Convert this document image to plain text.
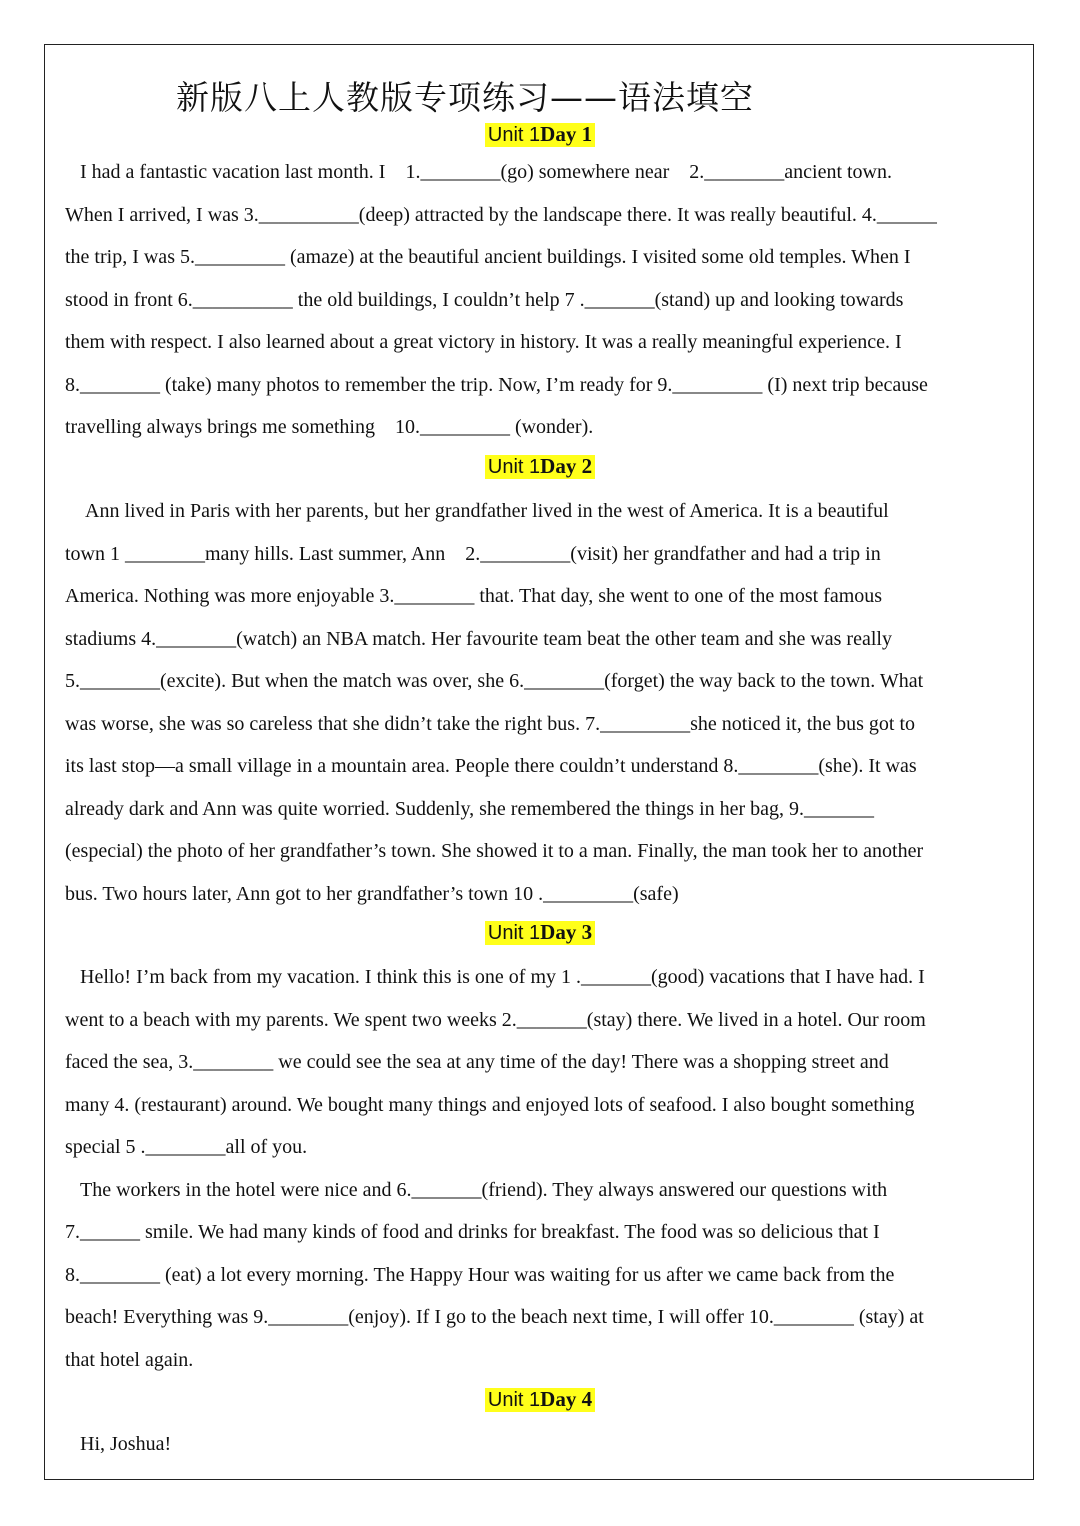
新版八上人教版专项练习——语法填空
Unit 1Day 1

I had a fantastic vacation last month. I    1.________(go) somewhere near    2.________ancient town.

When I arrived, I was 3.__________(deep) attracted by the landscape there. It was really beautiful. 4.______

the trip, I was 5._________ (amaze) at the beautiful ancient buildings. I visited some old temples. When I

stood in front 6.__________ the old buildings, I couldn’t help 7 ._______(stand) up and looking towards

them with respect. I also learned about a great victory in history. It was a really meaningful experience. I

8.________ (take) many photos to remember the trip. Now, I’m ready for 9._________ (I) next trip because

travelling always brings me something    10._________ (wonder).

Unit 1Day 2

Ann lived in Paris with her parents, but her grandfather lived in the west of America. It is a beautiful

town 1 ________many hills. Last summer, Ann    2._________(visit) her grandfather and had a trip in

America. Nothing was more enjoyable 3.________ that. That day, she went to one of the most famous

stadiums 4.________(watch) an NBA match. Her favourite team beat the other team and she was really

5.________(excite). But when the match was over, she 6.________(forget) the way back to the town. What

was worse, she was so careless that she didn’t take the right bus. 7._________she noticed it, the bus got to

its last stop—a small village in a mountain area. People there couldn’t understand 8.________(she). It was

already dark and Ann was quite worried. Suddenly, she remembered the things in her bag, 9._______

(especial) the photo of her grandfather’s town. She showed it to a man. Finally, the man took her to another

bus. Two hours later, Ann got to her grandfather’s town 10 ._________(safe)

Unit 1Day 3

Hello! I’m back from my vacation. I think this is one of my 1 ._______(good) vacations that I have had. I

went to a beach with my parents. We spent two weeks 2._______(stay) there. We lived in a hotel. Our room

faced the sea, 3.________ we could see the sea at any time of the day! There was a shopping street and

many 4. (restaurant) around. We bought many things and enjoyed lots of seafood. I also bought something

special 5 .________all of you.

The workers in the hotel were nice and 6._______(friend). They always answered our questions with

7.______ smile. We had many kinds of food and drinks for breakfast. The food was so delicious that I

8.________ (eat) a lot every morning. The Happy Hour was waiting for us after we came back from the

beach! Everything was 9.________(enjoy). If I go to the beach next time, I will offer 10.________ (stay) at

that hotel again.

Unit 1Day 4

Hi, Joshua!
